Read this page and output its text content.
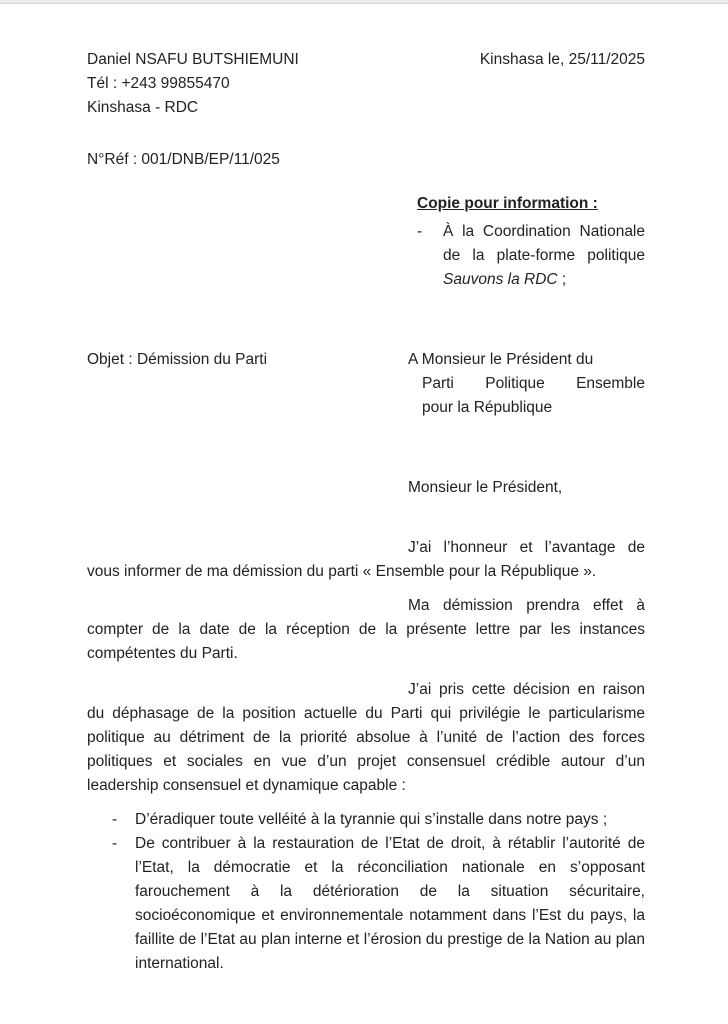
Daniel NSAFU BUTSHIEMUNI
Tél : +243 99855470
Kinshasa - RDC
Kinshasa le, 25/11/2025
N°Réf : 001/DNB/EP/11/025
Copie pour information :
-	À la Coordination Nationale de la plate-forme politique Sauvons la RDC ;
Objet : Démission du Parti	A Monsieur le Président du
Parti Politique Ensemble
pour la République
Monsieur le Président,
J’ai l’honneur et l’avantage de vous informer de ma démission du parti « Ensemble pour la République ».
Ma démission prendra effet à compter de la date de la réception de la présente lettre par les instances compétentes du Parti.
J’ai pris cette décision en raison du déphasage de la position actuelle du Parti qui privilégie le particularisme politique au détriment de la priorité absolue à l’unité de l’action des forces politiques et sociales en vue d’un projet consensuel crédible autour d’un leadership consensuel et dynamique capable :
-	D’éradiquer toute velléité à la tyrannie qui s’installe dans notre pays ;
-	De contribuer à la restauration de l’Etat de droit, à rétablir l’autorité de l’Etat, la démocratie et la réconciliation nationale en s’opposant farouchement à la détérioration de la situation sécuritaire, socioéconomique et environnementale notamment dans l’Est du pays, la faillite de l’Etat au plan interne et l’érosion du prestige de la Nation au plan international.
